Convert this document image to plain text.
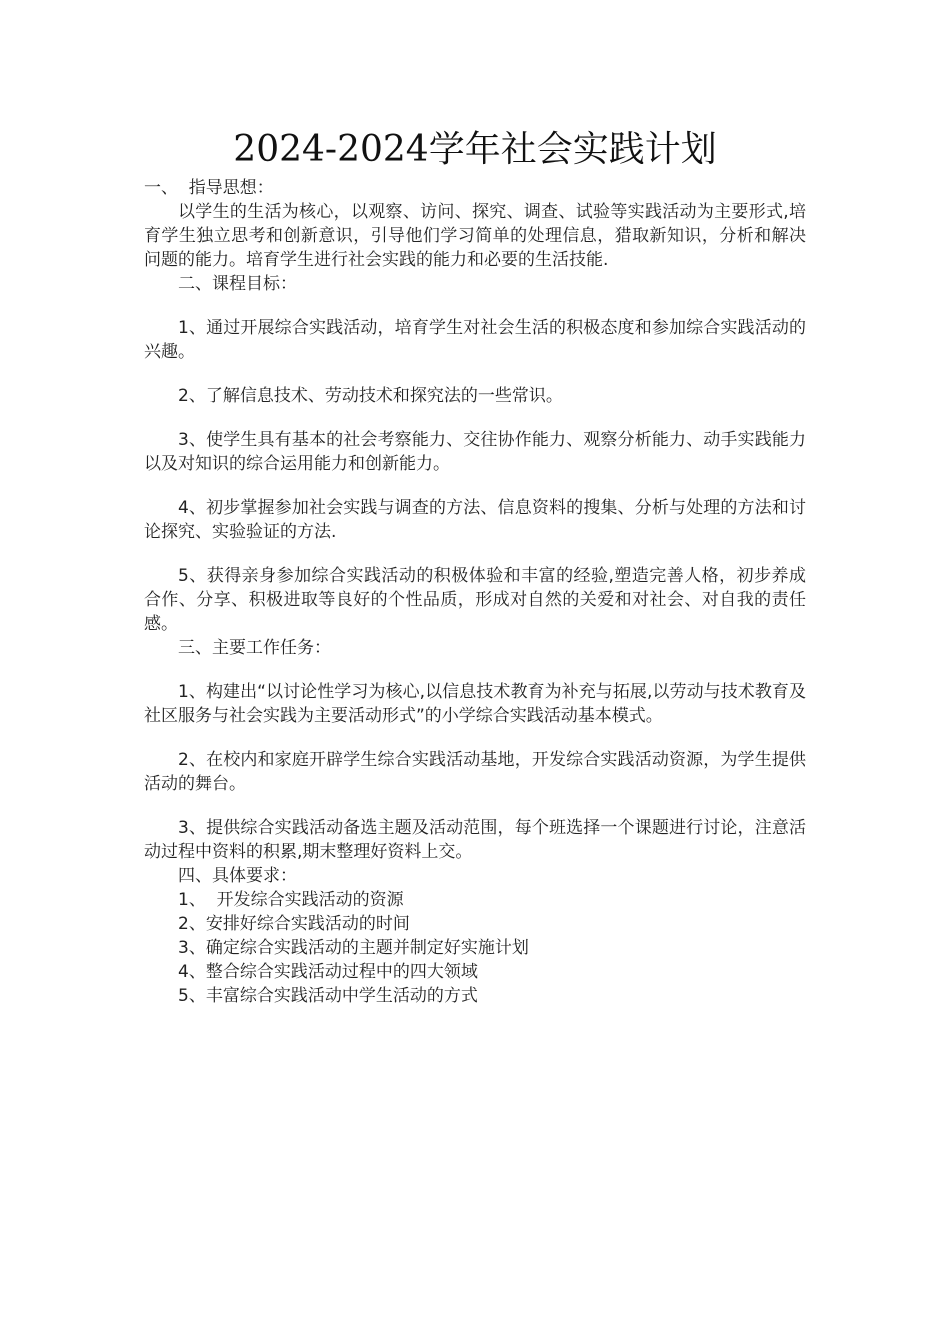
2024-2024学年社会实践计划

一、  指导思想：

以学生的生活为核心，以观察、访问、探究、调查、试验等实践活动为主要形式,培育学生独立思考和创新意识，引导他们学习简单的处理信息，猎取新知识，分析和解决问题的能力。培育学生进行社会实践的能力和必要的生活技能.

二、课程目标：

1、通过开展综合实践活动，培育学生对社会生活的积极态度和参加综合实践活动的兴趣。

2、了解信息技术、劳动技术和探究法的一些常识。

3、使学生具有基本的社会考察能力、交往协作能力、观察分析能力、动手实践能力以及对知识的综合运用能力和创新能力。

4、初步掌握参加社会实践与调查的方法、信息资料的搜集、分析与处理的方法和讨论探究、实验验证的方法.

5、获得亲身参加综合实践活动的积极体验和丰富的经验,塑造完善人格，初步养成合作、分享、积极进取等良好的个性品质，形成对自然的关爱和对社会、对自我的责任感。

三、主要工作任务：

1、构建出“以讨论性学习为核心,以信息技术教育为补充与拓展,以劳动与技术教育及社区服务与社会实践为主要活动形式”的小学综合实践活动基本模式。

2、在校内和家庭开辟学生综合实践活动基地，开发综合实践活动资源，为学生提供活动的舞台。

3、提供综合实践活动备选主题及活动范围，每个班选择一个课题进行讨论，注意活动过程中资料的积累,期末整理好资料上交。

四、具体要求：

1、  开发综合实践活动的资源

2、安排好综合实践活动的时间

3、确定综合实践活动的主题并制定好实施计划

4、整合综合实践活动过程中的四大领域

5、丰富综合实践活动中学生活动的方式
